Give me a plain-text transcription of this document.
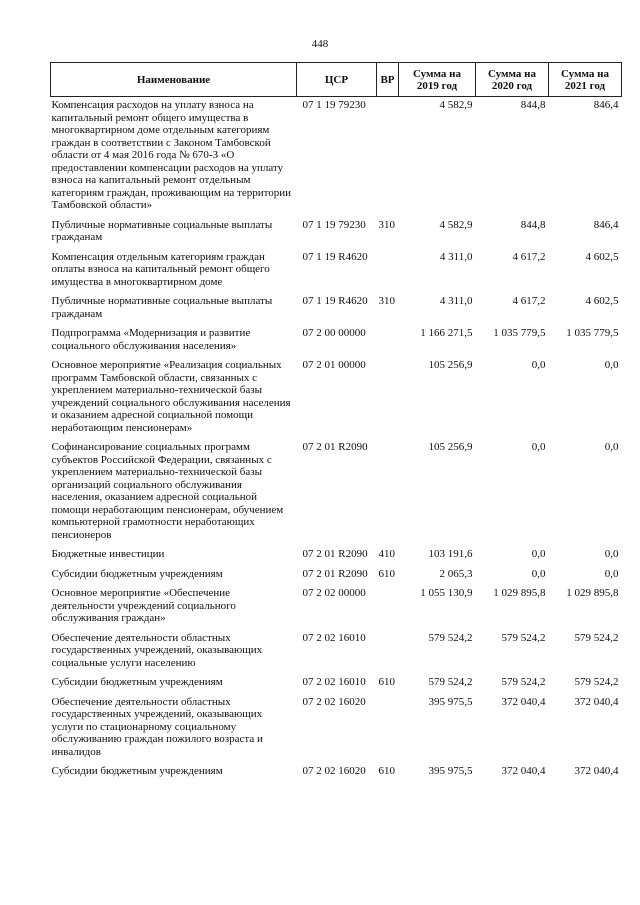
448
Наименование	ЦСР	ВР	Сумма на 2019 год	Сумма на 2020 год	Сумма на 2021 год
Компенсация расходов на уплату взноса на капитальный ремонт общего имущества в многоквартирном доме отдельным категориям граждан в соответствии с Законом Тамбовской области от 4 мая 2016 года № 670-З «О предоставлении компенсации расходов на уплату взноса на капитальный ремонт отдельным категориям граждан, проживающим на территории Тамбовской области»	07 1 19 79230		4 582,9	844,8	846,4
Публичные нормативные социальные выплаты гражданам	07 1 19 79230	310	4 582,9	844,8	846,4
Компенсация отдельным категориям граждан оплаты взноса на капитальный ремонт общего имущества в многоквартирном доме	07 1 19 R4620		4 311,0	4 617,2	4 602,5
Публичные нормативные социальные выплаты гражданам	07 1 19 R4620	310	4 311,0	4 617,2	4 602,5
Подпрограмма «Модернизация и развитие социального обслуживания населения»	07 2 00 00000		1 166 271,5	1 035 779,5	1 035 779,5
Основное мероприятие «Реализация социальных программ Тамбовской области, связанных с укреплением материально-технической базы учреждений социального обслуживания населения и оказанием адресной социальной помощи неработающим пенсионерам»	07 2 01 00000		105 256,9	0,0	0,0
Софинансирование социальных программ субъектов Российской Федерации, связанных с укреплением материально-технической базы организаций социального обслуживания населения, оказанием адресной социальной помощи неработающим пенсионерам, обучением компьютерной грамотности неработающих пенсионеров	07 2 01 R2090		105 256,9	0,0	0,0
Бюджетные инвестиции	07 2 01 R2090	410	103 191,6	0,0	0,0
Субсидии бюджетным учреждениям	07 2 01 R2090	610	2 065,3	0,0	0,0
Основное мероприятие «Обеспечение деятельности учреждений социального обслуживания граждан»	07 2 02 00000		1 055 130,9	1 029 895,8	1 029 895,8
Обеспечение деятельности областных государственных учреждений, оказывающих социальные услуги населению	07 2 02 16010		579 524,2	579 524,2	579 524,2
Субсидии бюджетным учреждениям	07 2 02 16010	610	579 524,2	579 524,2	579 524,2
Обеспечение деятельности областных государственных учреждений, оказывающих услуги по стационарному социальному обслуживанию граждан пожилого возраста и инвалидов	07 2 02 16020		395 975,5	372 040,4	372 040,4
Субсидии бюджетным учреждениям	07 2 02 16020	610	395 975,5	372 040,4	372 040,4
